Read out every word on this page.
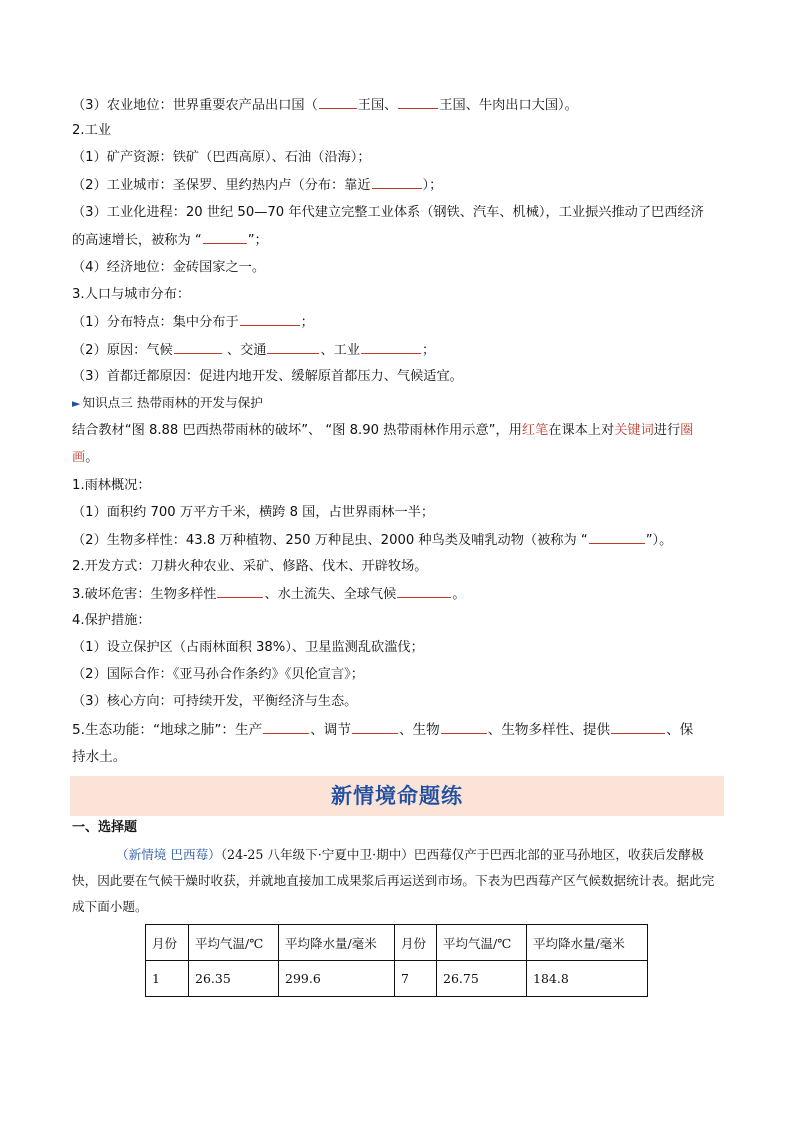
（3）农业地位：世界重要农产品出口国（	王国、	王国、牛肉出口大国）。
2.工业
（1）矿产资源：铁矿（巴西高原）、石油（沿海）；
（2）工业城市：圣保罗、里约热内卢（分布：靠近	）；
（3）工业化进程：20 世纪 50—70 年代建立完整工业体系（钢铁、汽车、机械），工业振兴推动了巴西经济
的高速增长，被称为 “	”；
（4）经济地位：金砖国家之一。
3.人口与城市分布：
（1）分布特点：集中分布于	；
（2）原因：气候	、交通	、工业	；
（3）首都迁都原因：促进内地开发、缓解原首都压力、气候适宜。
► 知识点三 热带雨林的开发与保护
结合教材“图 8.88 巴西热带雨林的破坏”、 “图 8.90 热带雨林作用示意”，用红笔在课本上对关键词进行圈
画。
1.雨林概况：
（1）面积约 700 万平方千米，横跨 8 国，占世界雨林一半；
（2）生物多样性：43.8 万种植物、250 万种昆虫、2000 种鸟类及哺乳动物（被称为 “	”）。
2.开发方式：刀耕火种农业、采矿、修路、伐木、开辟牧场。
3.破坏危害：生物多样性	、水土流失、全球气候	。
4.保护措施：
（1）设立保护区（占雨林面积 38%）、卫星监测乱砍滥伐；
（2）国际合作：《亚马孙合作条约》《贝伦宣言》；
（3）核心方向：可持续开发，平衡经济与生态。
5.生态功能：“地球之肺”：生产	、调节	、生物	、生物多样性、提供	、保
持水土。
新情境命题练
一、选择题
（新情境 巴西莓）（24-25 八年级下·宁夏中卫·期中）巴西莓仅产于巴西北部的亚马孙地区，收获后发酵极快，因此要在气候干燥时收获，并就地直接加工成果浆后再运送到市场。下表为巴西莓产区气候数据统计表。据此完成下面小题。
月份	平均气温/℃	平均降水量/毫米	月份	平均气温/℃	平均降水量/毫米
1	26.35	299.6	7	26.75	184.8
